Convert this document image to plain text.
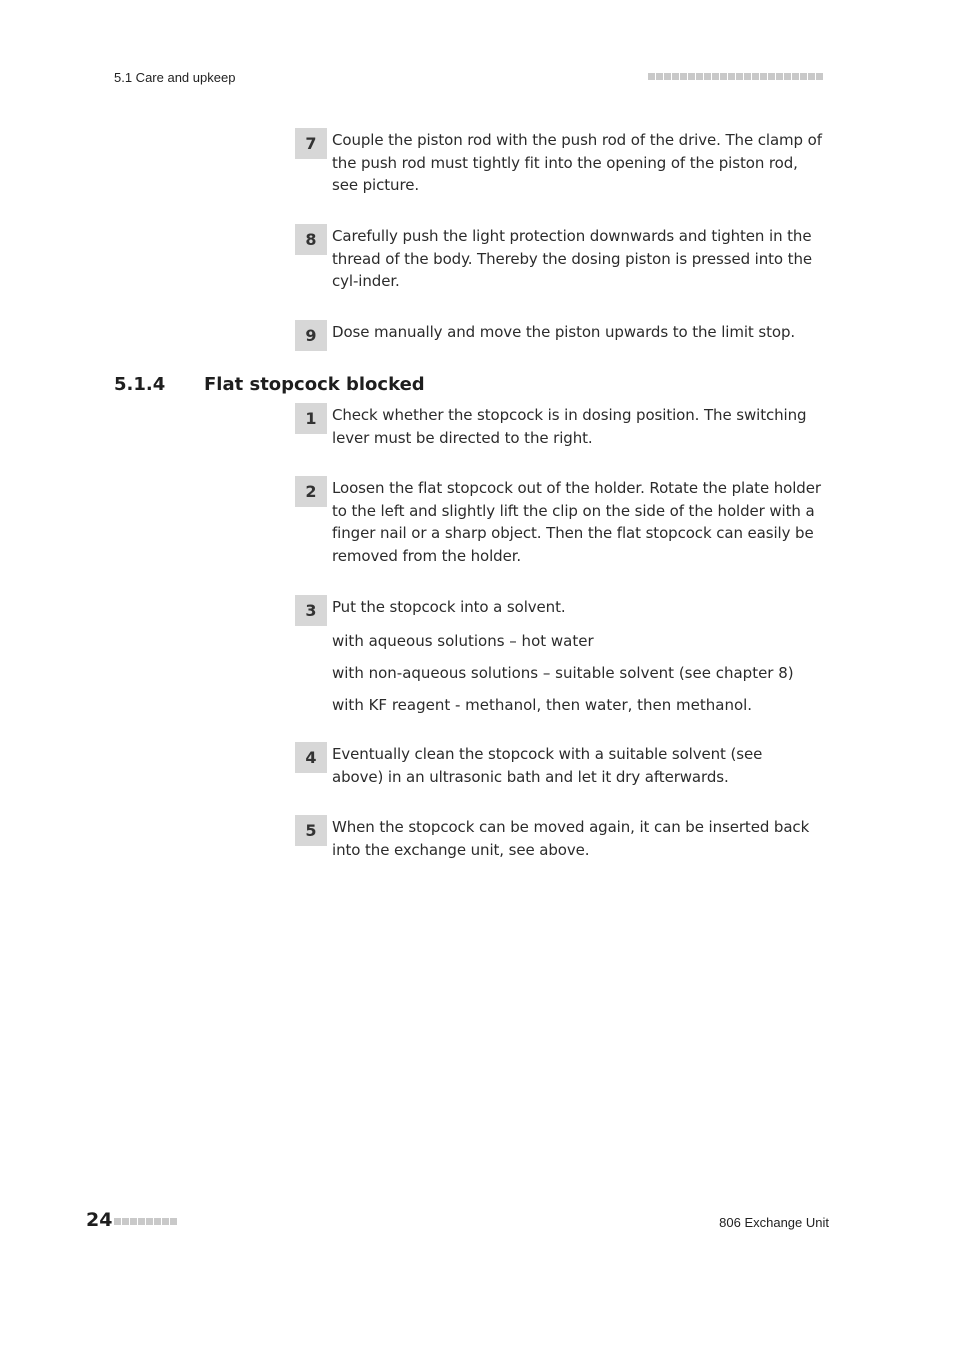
5.1 Care and upkeep
7	Couple the piston rod with the push rod of the drive. The clamp of the push rod must tightly fit into the opening of the piston rod, see picture.
8	Carefully push the light protection downwards and tighten in the thread of the body. Thereby the dosing piston is pressed into the cyl-inder.
9	Dose manually and move the piston upwards to the limit stop.
5.1.4 Flat stopcock blocked
1	Check whether the stopcock is in dosing position. The switching lever must be directed to the right.
2	Loosen the flat stopcock out of the holder. Rotate the plate holder to the left and slightly lift the clip on the side of the holder with a finger nail or a sharp object. Then the flat stopcock can easily be removed from the holder.
3	Put the stopcock into a solvent.
with aqueous solutions – hot water
with non-aqueous solutions – suitable solvent (see chapter 8)
with KF reagent - methanol, then water, then methanol.
4	Eventually clean the stopcock with a suitable solvent (see above) in an ultrasonic bath and let it dry afterwards.
5	When the stopcock can be moved again, it can be inserted back into the exchange unit, see above.
24	806 Exchange Unit
